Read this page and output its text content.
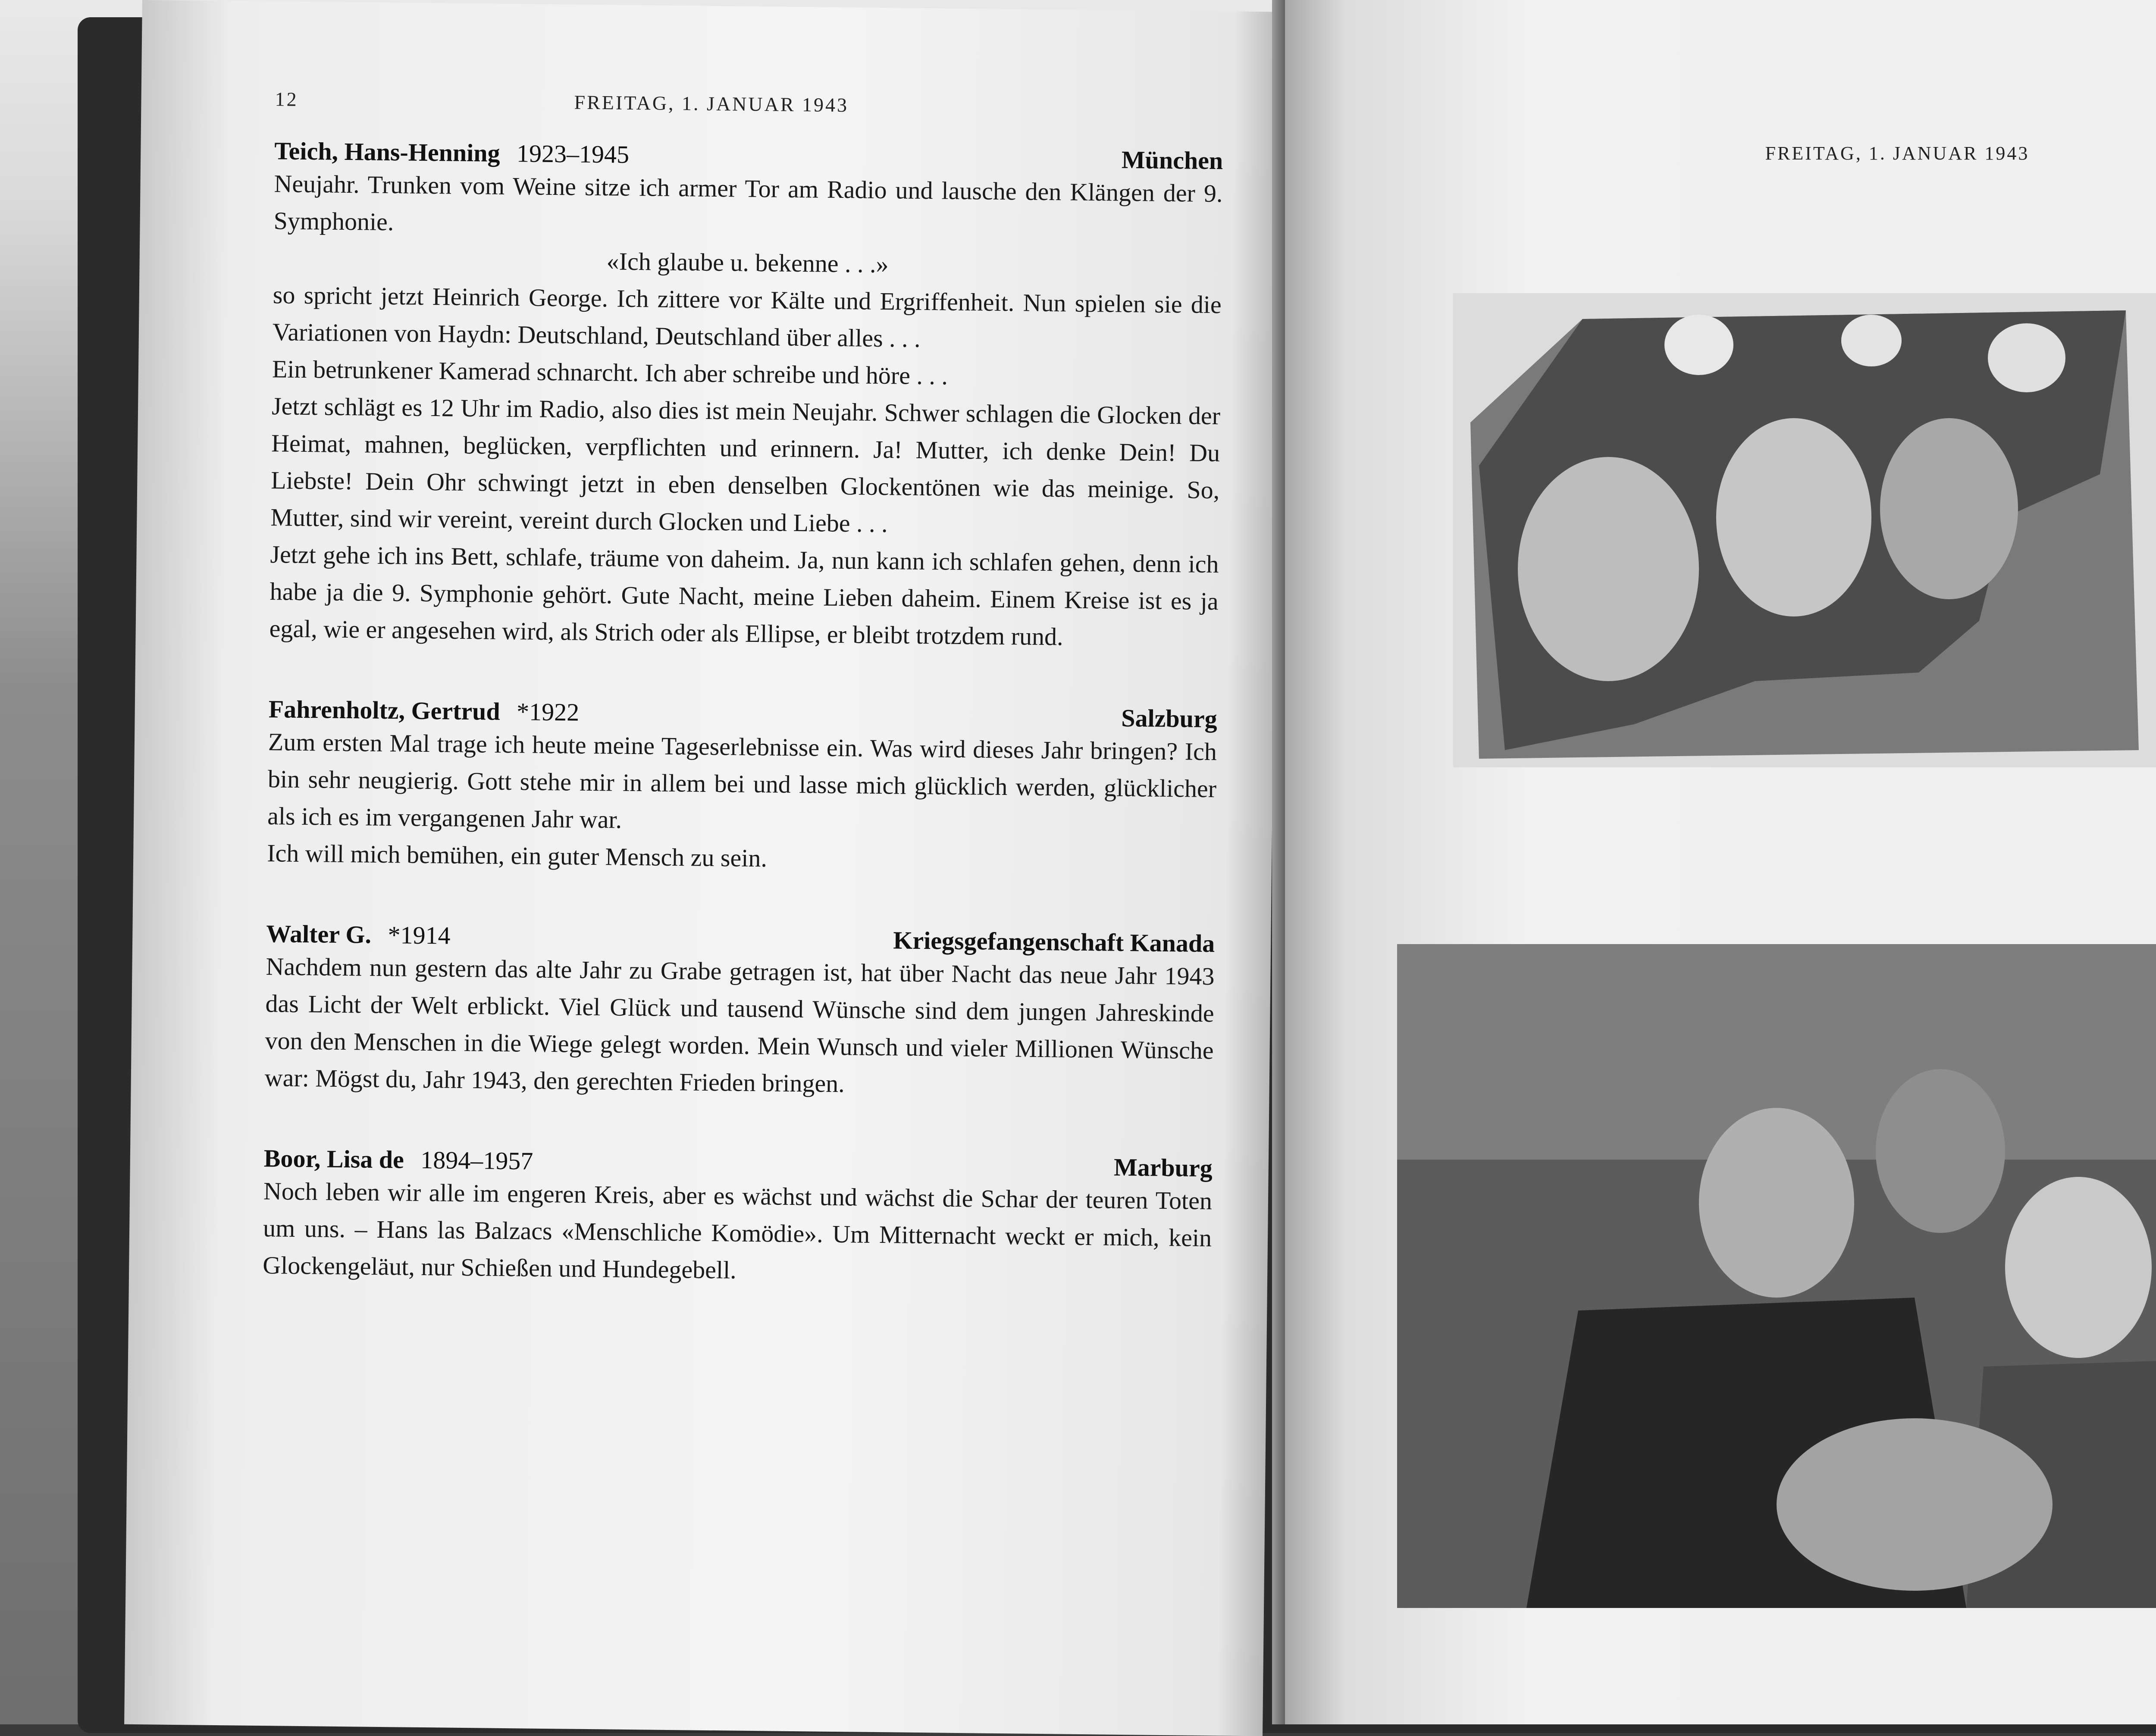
12	FREITAG, 1. JANUAR 1943
Teich, Hans-Henning 1923–1945	München

Neujahr. Trunken vom Weine sitze ich armer Tor am Radio und lausche den Klängen der 9. Symphonie.

«Ich glaube u. bekenne . . .»

so spricht jetzt Heinrich George. Ich zittere vor Kälte und Ergriffenheit. Nun spielen sie die Variationen von Haydn: Deutschland, Deutschland über alles . . .

Ein betrunkener Kamerad schnarcht. Ich aber schreibe und höre . . .

Jetzt schlägt es 12 Uhr im Radio, also dies ist mein Neujahr. Schwer schlagen die Glocken der Heimat, mahnen, beglücken, verpflichten und erinnern. Ja! Mutter, ich denke Dein! Du Liebste! Dein Ohr schwingt jetzt in eben denselben Glockentönen wie das meinige. So, Mutter, sind wir vereint, vereint durch Glocken und Liebe . . .

Jetzt gehe ich ins Bett, schlafe, träume von daheim. Ja, nun kann ich schlafen gehen, denn ich habe ja die 9. Symphonie gehört. Gute Nacht, meine Lieben daheim. Einem Kreise ist es ja egal, wie er angesehen wird, als Strich oder als Ellipse, er bleibt trotzdem rund.

Fahrenholtz, Gertrud *1922	Salzburg

Zum ersten Mal trage ich heute meine Tageserlebnisse ein. Was wird dieses Jahr bringen? Ich bin sehr neugierig. Gott stehe mir in allem bei und lasse mich glücklich werden, glücklicher als ich es im vergangenen Jahr war.

Ich will mich bemühen, ein guter Mensch zu sein.

Walter G. *1914	Kriegsgefangenschaft Kanada

Nachdem nun gestern das alte Jahr zu Grabe getragen ist, hat über Nacht das neue Jahr 1943 das Licht der Welt erblickt. Viel Glück und tausend Wünsche sind dem jungen Jahreskinde von den Menschen in die Wiege gelegt worden. Mein Wunsch und vieler Millionen Wünsche war: Mögst du, Jahr 1943, den gerechten Frieden bringen.

Boor, Lisa de 1894–1957	Marburg

Noch leben wir alle im engeren Kreis, aber es wächst und wächst die Schar der teuren Toten um uns. – Hans las Balzacs «Menschliche Komödie». Um Mitternacht weckt er mich, kein Glockengeläut, nur Schießen und Hundegebell.

FREITAG, 1. JANUAR 1943
